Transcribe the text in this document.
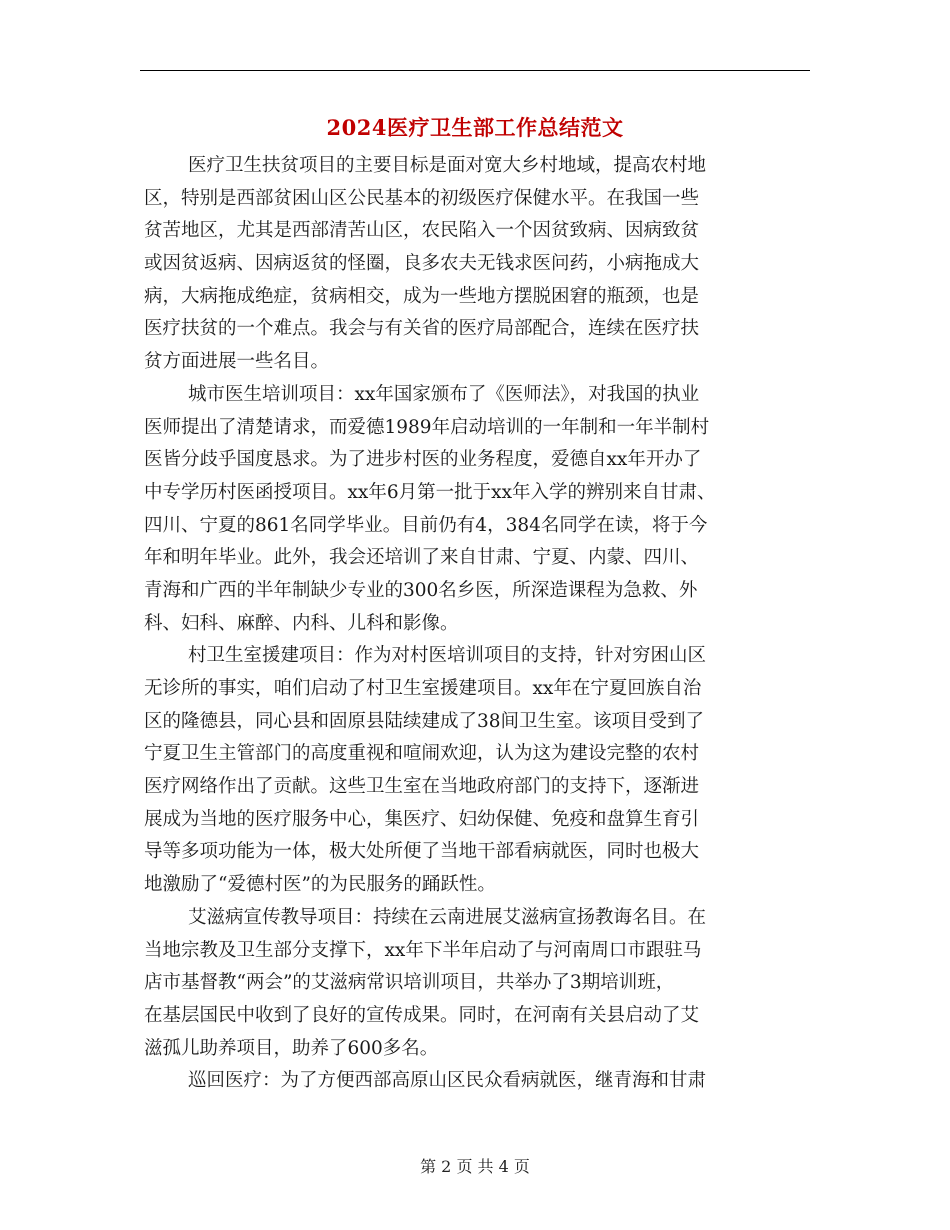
2024医疗卫生部工作总结范文
医疗卫生扶贫项目的主要目标是面对宽大乡村地域，提高农村地
区，特别是西部贫困山区公民基本的初级医疗保健水平。在我国一些
贫苦地区，尤其是西部清苦山区，农民陷入一个因贫致病、因病致贫
或因贫返病、因病返贫的怪圈，良多农夫无钱求医问药，小病拖成大
病，大病拖成绝症，贫病相交，成为一些地方摆脱困窘的瓶颈，也是
医疗扶贫的一个难点。我会与有关省的医疗局部配合，连续在医疗扶
贫方面进展一些名目。
城市医生培训项目：xx年国家颁布了《医师法》，对我国的执业
医师提出了清楚请求，而爱德1989年启动培训的一年制和一年半制村
医皆分歧乎国度恳求。为了进步村医的业务程度，爱德自xx年开办了
中专学历村医函授项目。xx年6月第一批于xx年入学的辨别来自甘肃、
四川、宁夏的861名同学毕业。目前仍有4，384名同学在读，将于今
年和明年毕业。此外，我会还培训了来自甘肃、宁夏、内蒙、四川、
青海和广西的半年制缺少专业的300名乡医，所深造课程为急救、外
科、妇科、麻醉、内科、儿科和影像。
村卫生室援建项目：作为对村医培训项目的支持，针对穷困山区
无诊所的事实，咱们启动了村卫生室援建项目。xx年在宁夏回族自治
区的隆德县，同心县和固原县陆续建成了38间卫生室。该项目受到了
宁夏卫生主管部门的高度重视和喧闹欢迎，认为这为建设完整的农村
医疗网络作出了贡献。这些卫生室在当地政府部门的支持下，逐渐进
展成为当地的医疗服务中心，集医疗、妇幼保健、免疫和盘算生育引
导等多项功能为一体，极大处所便了当地干部看病就医，同时也极大
地激励了“爱德村医”的为民服务的踊跃性。
艾滋病宣传教导项目：持续在云南进展艾滋病宣扬教诲名目。在
当地宗教及卫生部分支撑下，xx年下半年启动了与河南周口市跟驻马
店市基督教“两会”的艾滋病常识培训项目，共举办了3期培训班，
在基层国民中收到了良好的宣传成果。同时，在河南有关县启动了艾
滋孤儿助养项目，助养了600多名。
巡回医疗：为了方便西部高原山区民众看病就医，继青海和甘肃
第 2 页 共 4 页
